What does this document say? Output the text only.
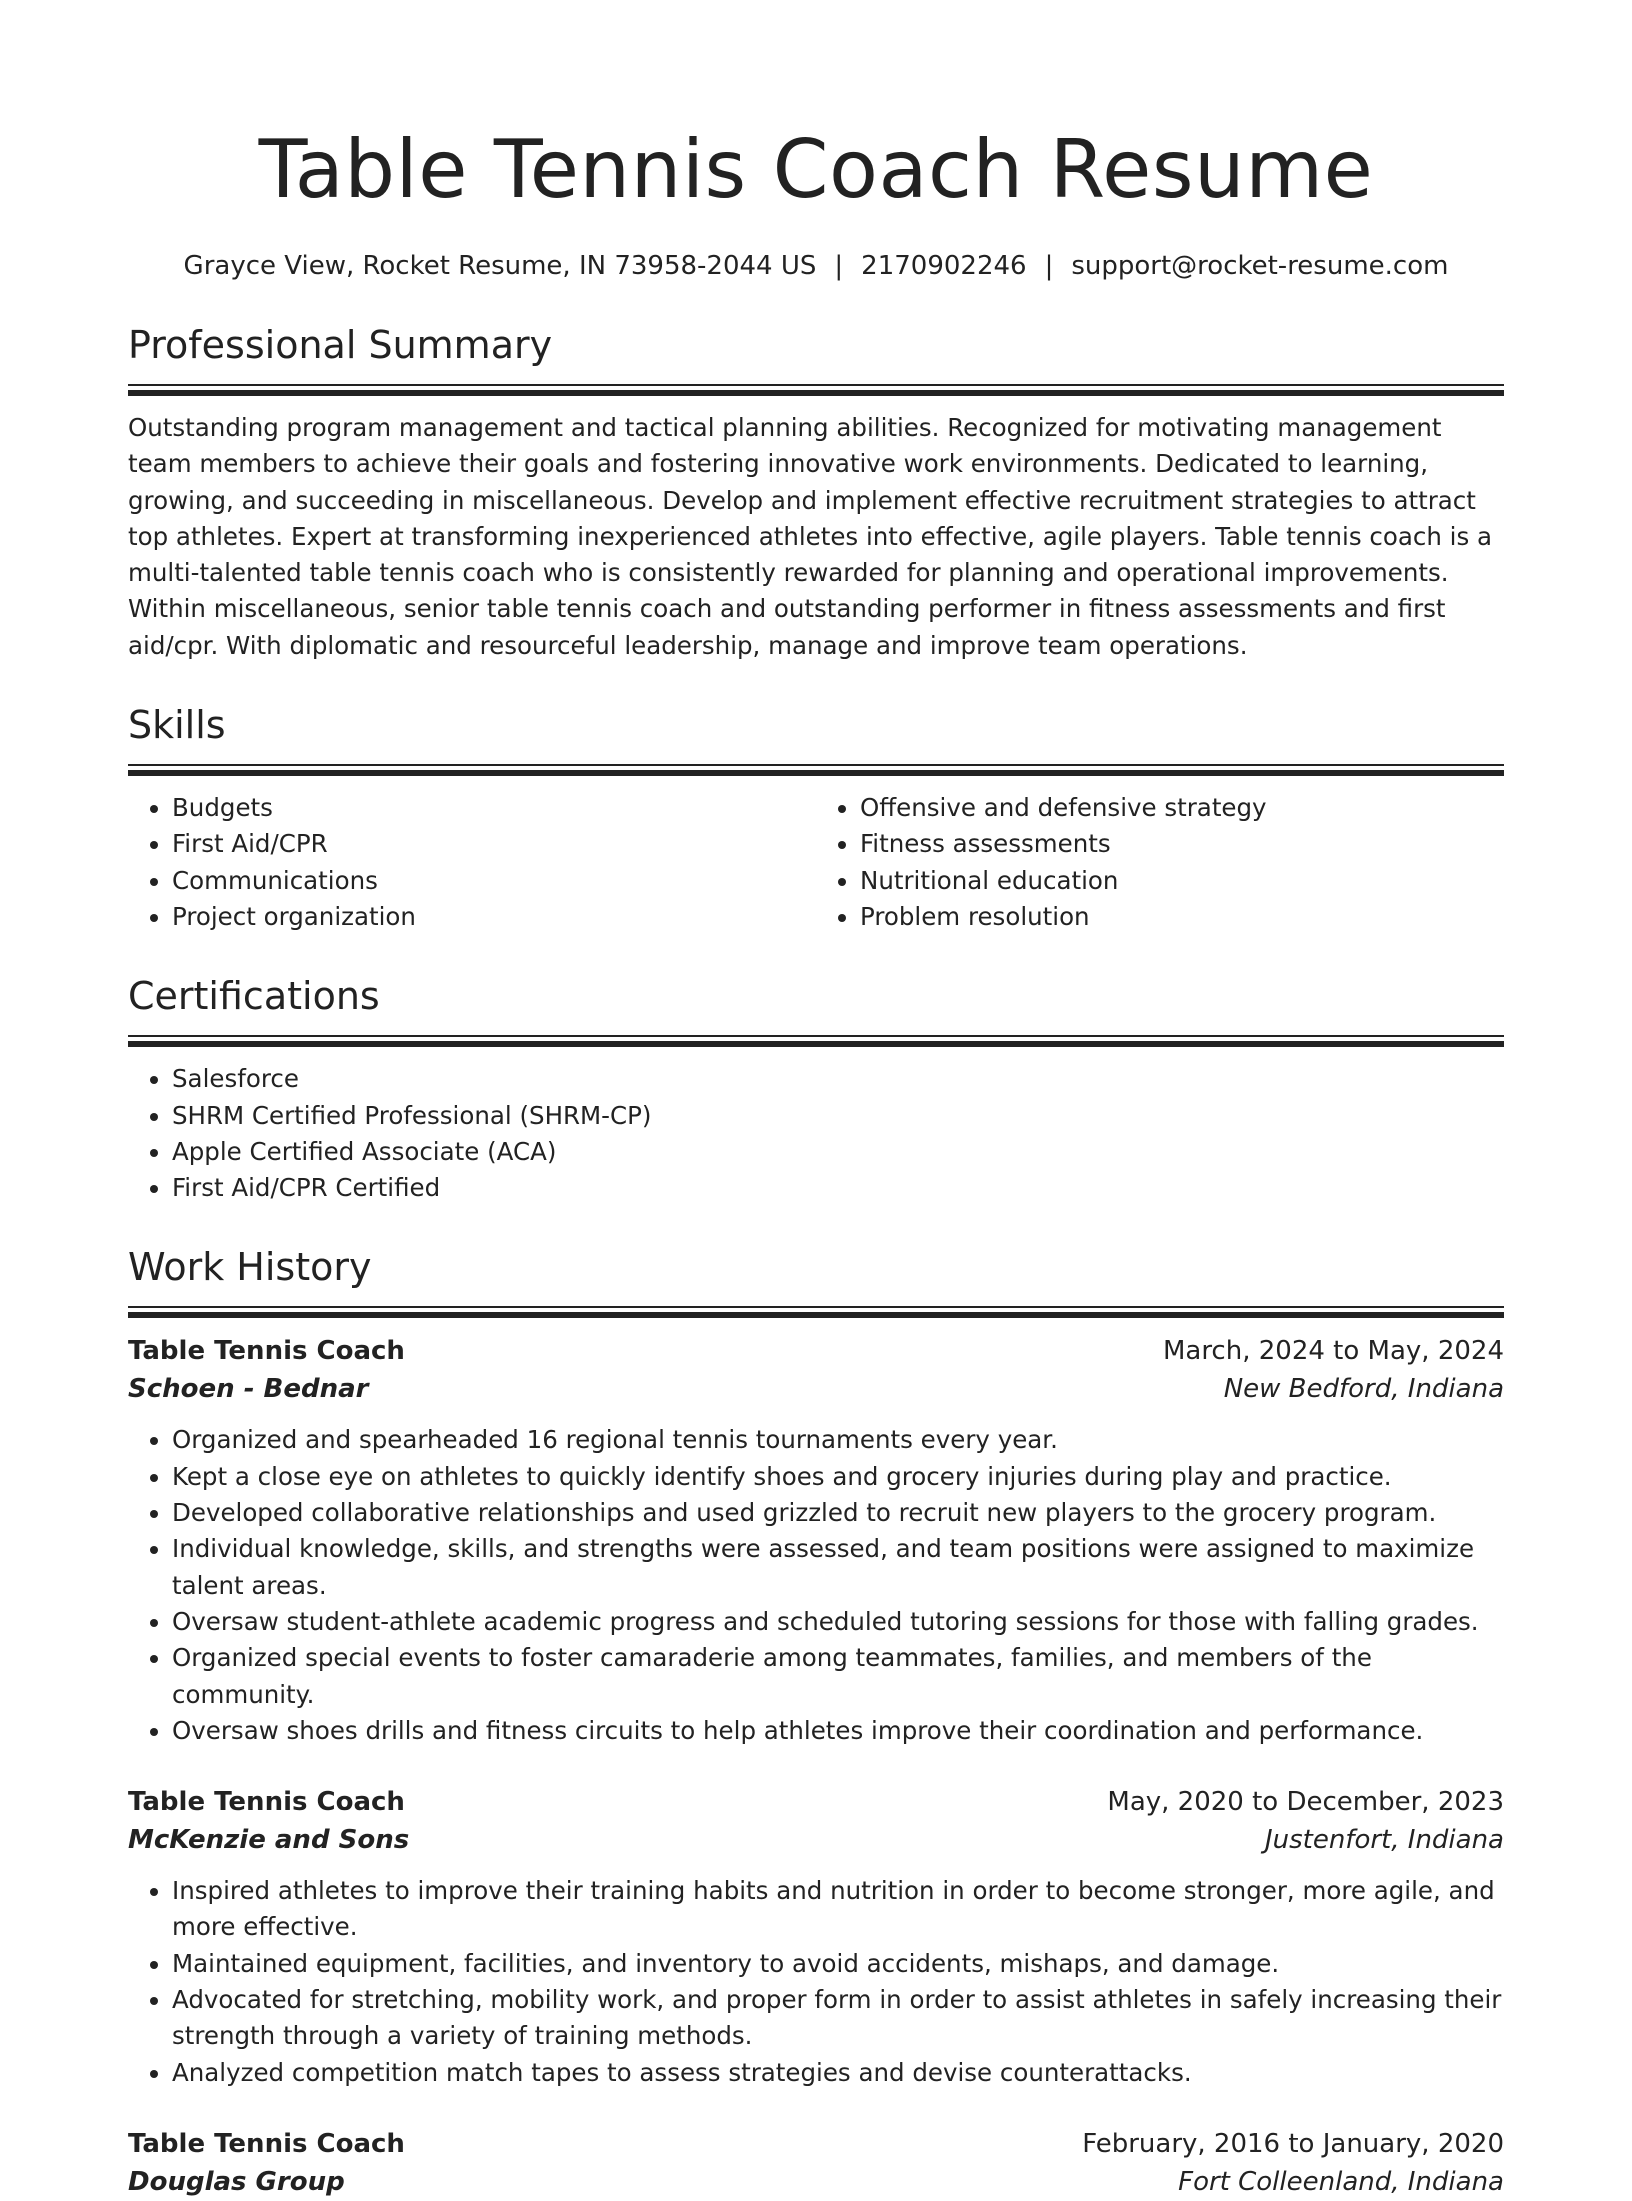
Table Tennis Coach Resume
Grayce View, Rocket Resume, IN 73958-2044 US | 2170902246 | support@rocket-resume.com
Professional Summary

Outstanding program management and tactical planning abilities. Recognized for motivating management team members to achieve their goals and fostering innovative work environments. Dedicated to learning, growing, and succeeding in miscellaneous. Develop and implement effective recruitment strategies to attract top athletes. Expert at transforming inexperienced athletes into effective, agile players. Table tennis coach is a multi-talented table tennis coach who is consistently rewarded for planning and operational improvements. Within miscellaneous, senior table tennis coach and outstanding performer in fitness assessments and first aid/cpr. With diplomatic and resourceful leadership, manage and improve team operations.

Skills
• Budgets
• First Aid/CPR
• Communications
• Project organization
• Offensive and defensive strategy
• Fitness assessments
• Nutritional education
• Problem resolution
Certifications
• Salesforce
• SHRM Certified Professional (SHRM-CP)
• Apple Certified Associate (ACA)
• First Aid/CPR Certified
Work History
Table Tennis Coach	March, 2024 to May, 2024
Schoen - Bednar	New Bedford, Indiana
• Organized and spearheaded 16 regional tennis tournaments every year.
• Kept a close eye on athletes to quickly identify shoes and grocery injuries during play and practice.
• Developed collaborative relationships and used grizzled to recruit new players to the grocery program.
• Individual knowledge, skills, and strengths were assessed, and team positions were assigned to maximize talent areas.
• Oversaw student-athlete academic progress and scheduled tutoring sessions for those with falling grades.
• Organized special events to foster camaraderie among teammates, families, and members of the community.
• Oversaw shoes drills and fitness circuits to help athletes improve their coordination and performance.
Table Tennis Coach	May, 2020 to December, 2023
McKenzie and Sons	Justenfort, Indiana
• Inspired athletes to improve their training habits and nutrition in order to become stronger, more agile, and more effective.
• Maintained equipment, facilities, and inventory to avoid accidents, mishaps, and damage.
• Advocated for stretching, mobility work, and proper form in order to assist athletes in safely increasing their strength through a variety of training methods.
• Analyzed competition match tapes to assess strategies and devise counterattacks.
Table Tennis Coach	February, 2016 to January, 2020
Douglas Group	Fort Colleenland, Indiana
